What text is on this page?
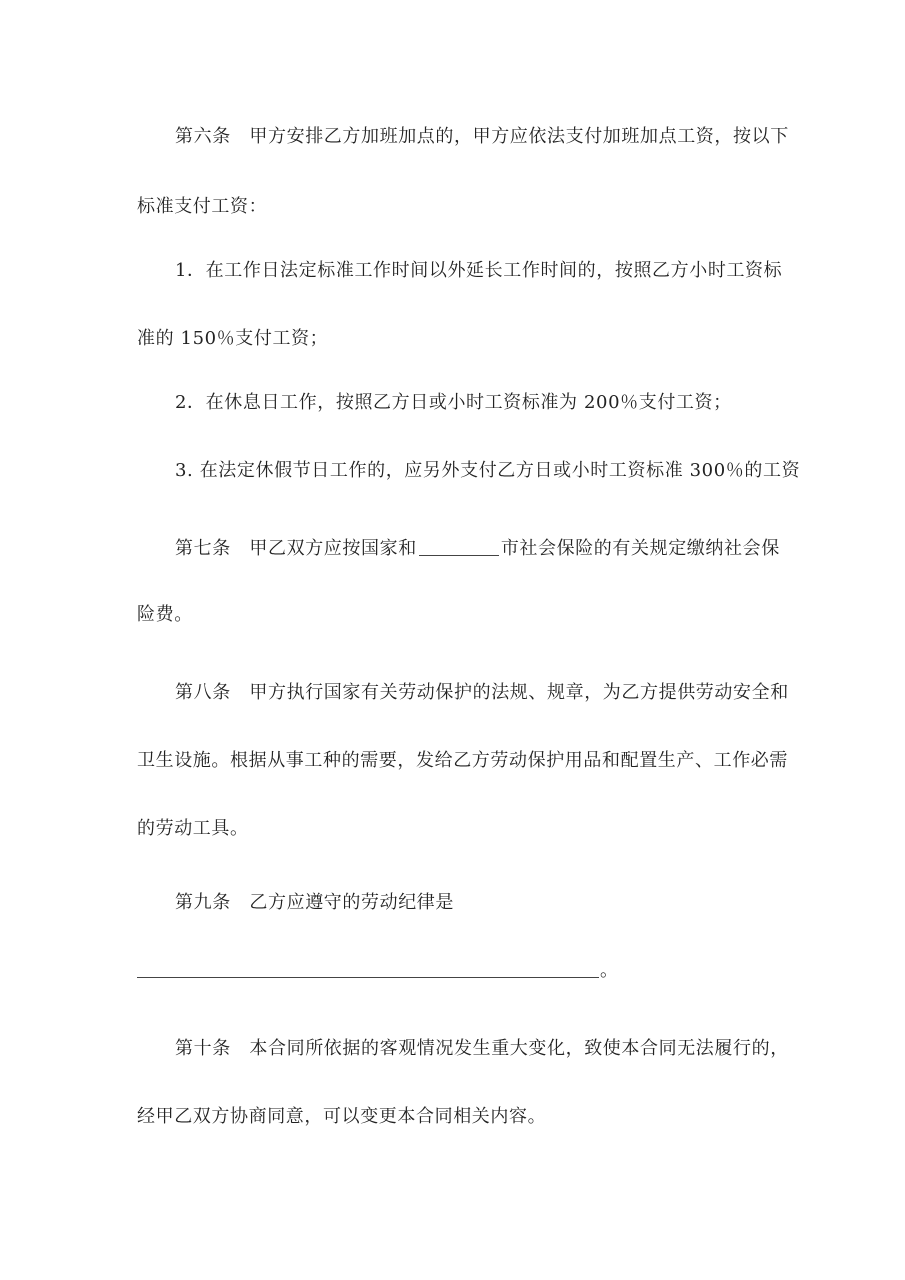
第六条　甲方安排乙方加班加点的，甲方应依法支付加班加点工资，按以下
标准支付工资：
1．在工作日法定标准工作时间以外延长工作时间的，按照乙方小时工资标
准的 150％支付工资；
2．在休息日工作，按照乙方日或小时工资标准为 200％支付工资；
3. 在法定休假节日工作的，应另外支付乙方日或小时工资标准 300％的工资
第七条　甲乙双方应按国家和	市社会保险的有关规定缴纳社会保
险费。
第八条　甲方执行国家有关劳动保护的法规、规章，为乙方提供劳动安全和
卫生设施。根据从事工种的需要，发给乙方劳动保护用品和配置生产、工作必需
的劳动工具。
第九条　乙方应遵守的劳动纪律是
。
第十条　本合同所依据的客观情况发生重大变化，致使本合同无法履行的，
经甲乙双方协商同意，可以变更本合同相关内容。
